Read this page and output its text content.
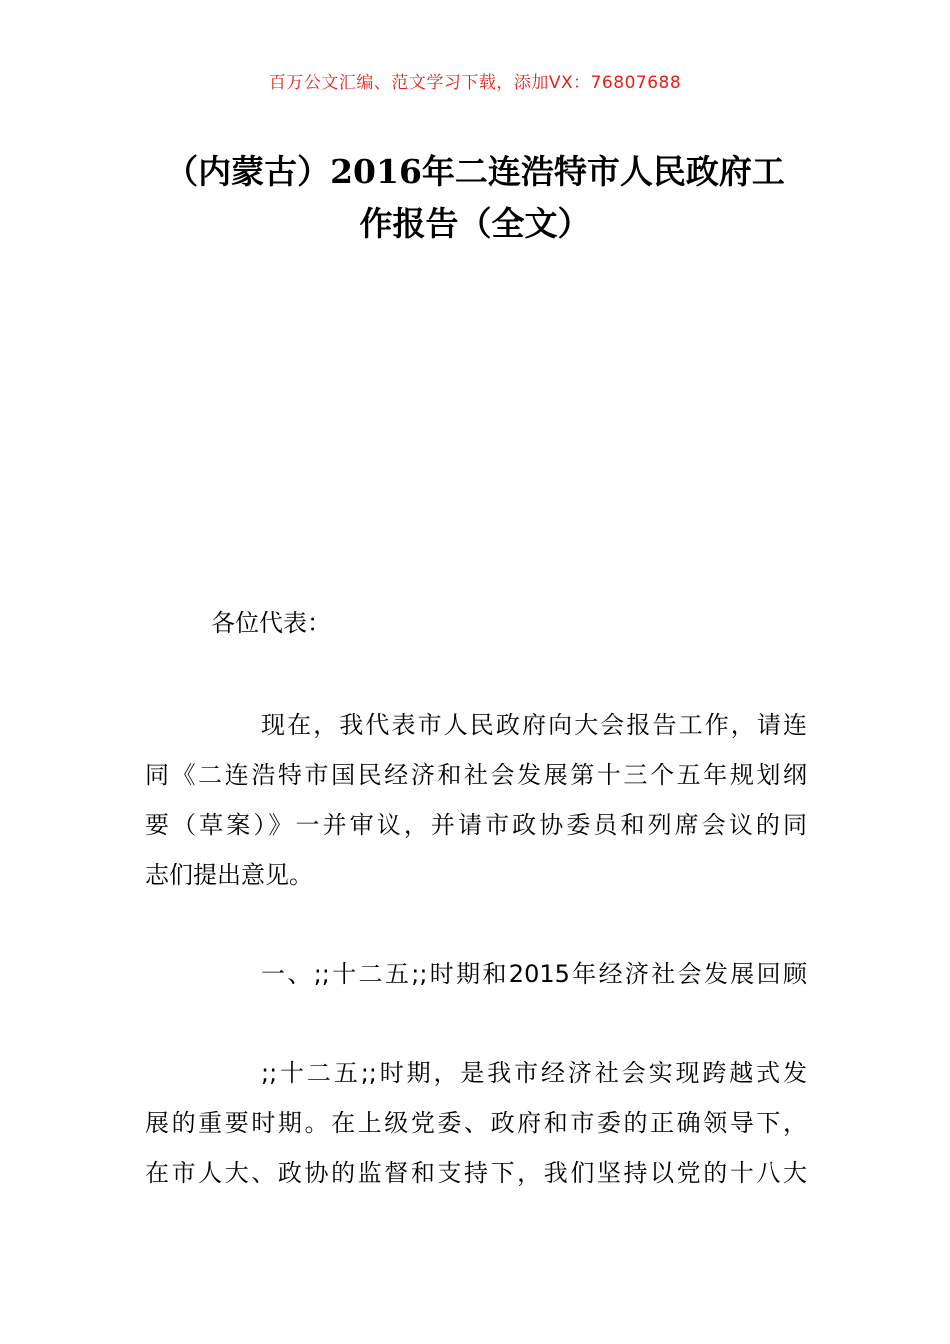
百万公文汇编、范文学习下载，添加VX：76807688
（内蒙古）2016年二连浩特市人民政府工
作报告（全文）
各位代表：
现在，我代表市人民政府向大会报告工作，请连
同《二连浩特市国民经济和社会发展第十三个五年规划纲
要（草案）》一并审议，并请市政协委员和列席会议的同
志们提出意见。
一、;;十二五;;时期和2015年经济社会发展回顾
;;十二五;;时期，是我市经济社会实现跨越式发
展的重要时期。在上级党委、政府和市委的正确领导下，
在市人大、政协的监督和支持下，我们坚持以党的十八大
